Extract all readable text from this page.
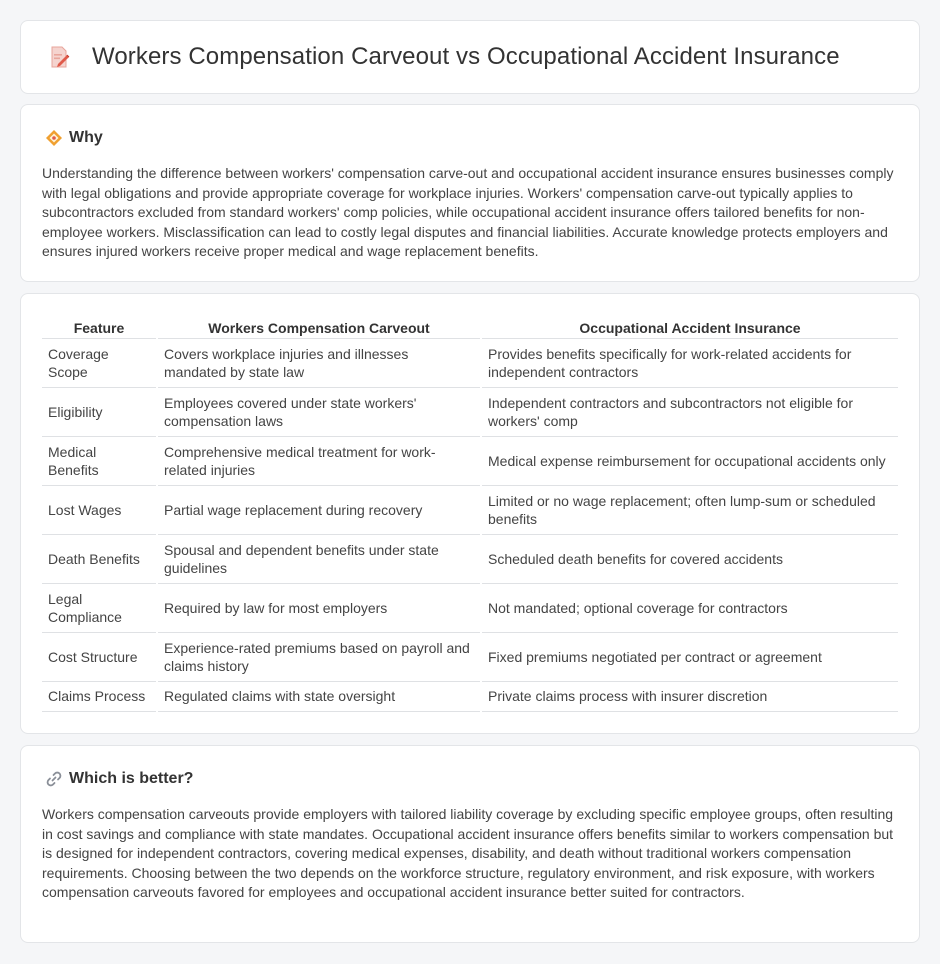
Workers Compensation Carveout vs Occupational Accident Insurance
Why

Understanding the difference between workers' compensation carve-out and occupational accident insurance ensures businesses comply with legal obligations and provide appropriate coverage for workplace injuries. Workers' compensation carve-out typically applies to subcontractors excluded from standard workers' comp policies, while occupational accident insurance offers tailored benefits for non-employee workers. Misclassification can lead to costly legal disputes and financial liabilities. Accurate knowledge protects employers and ensures injured workers receive proper medical and wage replacement benefits.

Feature	Workers Compensation Carveout	Occupational Accident Insurance
Coverage Scope	Covers workplace injuries and illnesses mandated by state law	Provides benefits specifically for work-related accidents for independent contractors
Eligibility	Employees covered under state workers' compensation laws	Independent contractors and subcontractors not eligible for workers' comp
Medical Benefits	Comprehensive medical treatment for work-related injuries	Medical expense reimbursement for occupational accidents only
Lost Wages	Partial wage replacement during recovery	Limited or no wage replacement; often lump-sum or scheduled benefits
Death Benefits	Spousal and dependent benefits under state guidelines	Scheduled death benefits for covered accidents
Legal Compliance	Required by law for most employers	Not mandated; optional coverage for contractors
Cost Structure	Experience-rated premiums based on payroll and claims history	Fixed premiums negotiated per contract or agreement
Claims Process	Regulated claims with state oversight	Private claims process with insurer discretion
Which is better?

Workers compensation carveouts provide employers with tailored liability coverage by excluding specific employee groups, often resulting in cost savings and compliance with state mandates. Occupational accident insurance offers benefits similar to workers compensation but is designed for independent contractors, covering medical expenses, disability, and death without traditional workers compensation requirements. Choosing between the two depends on the workforce structure, regulatory environment, and risk exposure, with workers compensation carveouts favored for employees and occupational accident insurance better suited for contractors.
